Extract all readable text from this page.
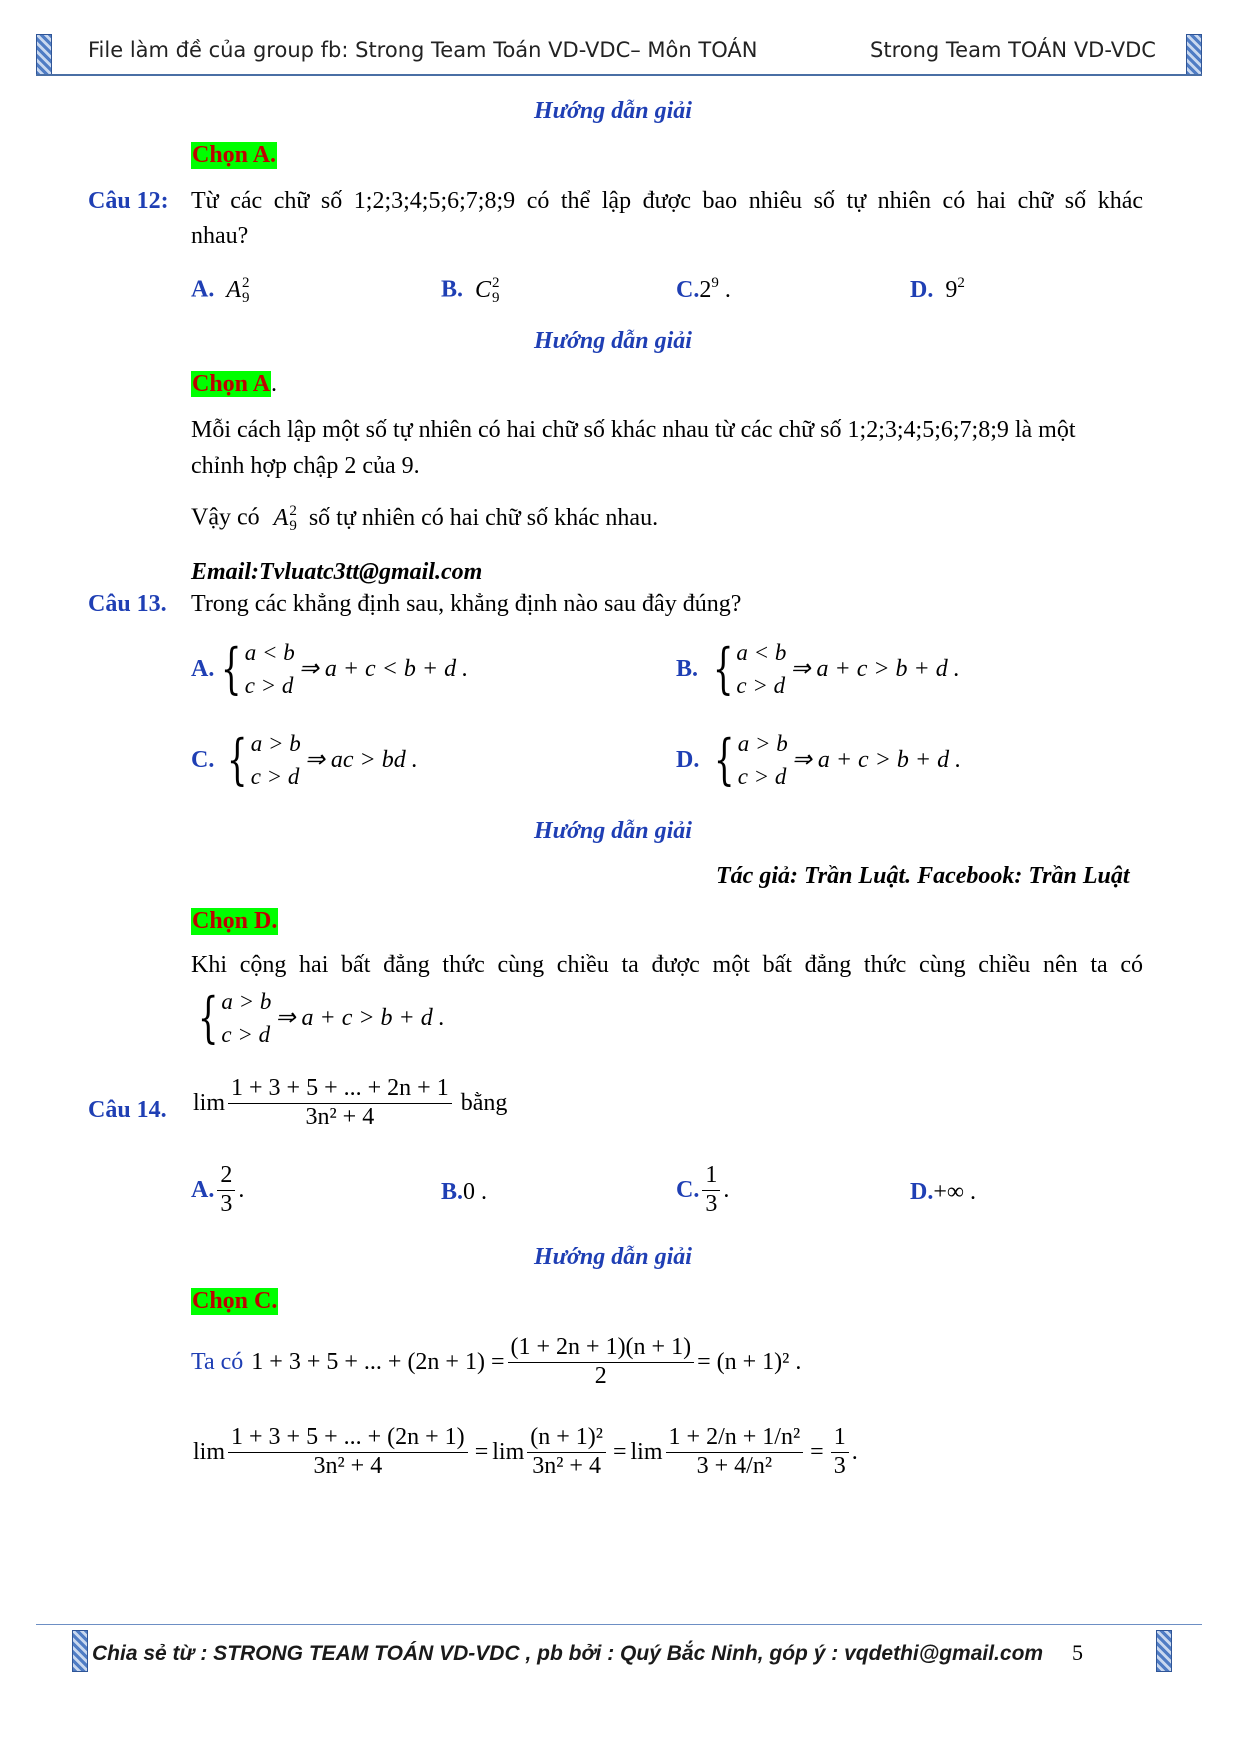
File làm đề của group fb: Strong Team Toán VD-VDC– Môn TOÁN	Strong Team TOÁN VD-VDC
Hướng dẫn giải
Chọn A.
Câu 12: Từ các chữ số 1;2;3;4;5;6;7;8;9 có thể lập được bao nhiêu số tự nhiên có hai chữ số khác
nhau?
A. A 2
9	B. C 2
9	$C.2^9$ .	D. $9^2$
Hướng dẫn giải
Chọn A.
Mỗi cách lập một số tự nhiên có hai chữ số khác nhau từ các chữ số 1;2;3;4;5;6;7;8;9 là một
chỉnh hợp chập 2 của 9.
Vậy có A 2
9 số tự nhiên có hai chữ số khác nhau.
Email:Tvluatc3tt@gmail.com
Câu 13. Trong các khẳng định sau, khẳng định nào sau đây đúng?
A. { a < b
c > d
⇒ a + c < b + d .	B. { a < b
c > d
⇒ a + c > b + d .
C. { a > b
c > d
⇒ ac > bd .	D. { a > b
c > d
⇒ a + c > b + d .
Hướng dẫn giải
Tác giả: Trần Luật. Facebook: Trần Luật
Chọn D.
Khi cộng hai bất đẳng thức cùng chiều ta được một bất đẳng thức cùng chiều nên ta có
{ a > b
c > d
⇒ a + c > b + d .
Câu 14. $\lim \frac{1 + 3 + 5 + ... + 2n + 1}{\text{3n² + 4}}$ bằng
A. $\frac{2}{3}$ .	B.0 .	C. $\frac{1}{3}$ .	D.+∞ .
Hướng dẫn giải
Chọn C.
Ta có 1 + 3 + 5 + ... + $(2n + 1) = \frac{(1 + 2n + 1)(n + 1)}{2} = (n + 1)^2$ .
$\lim \frac{1 + 3 + 5 + ... + (2n + 1)}{\text{3n² + 4}} = \lim \frac{\text{(n + 1)²}}{\text{3n² + 4}} = \lim \frac{\text{1 + 2/n + 1/n²}}{\text{3 + 4/n²}} = \frac{1}{3}$ .
Chia sẻ từ : STRONG TEAM TOÁN VD-VDC , pb bởi : Quý Bắc Ninh, góp ý : vqdethi@gmail.com 5
